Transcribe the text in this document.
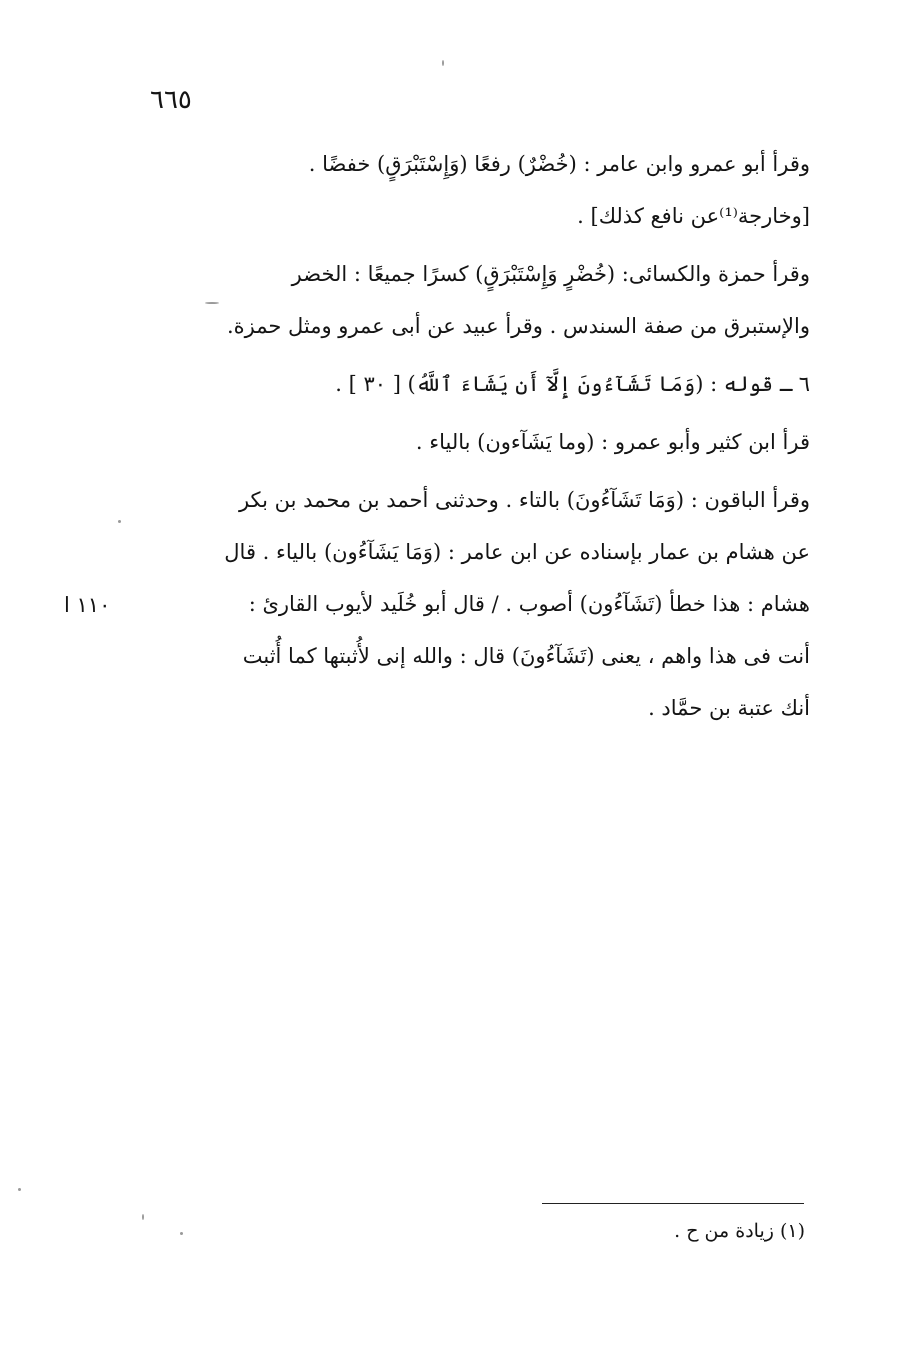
٦٦٥

وقرأ أبو عمرو وابن عامر : (خُضْرٌ) رفعًا (وَإِسْتَبْرَقٍ) خفضًا .
[وخارجة⁽¹⁾عن نافع كذلك] .

وقرأ حمزة والكسائى: (خُضْرٍ وَإِسْتَبْرَقٍ) كسرًا جميعًا : الخضر
والإستبرق من صفة السندس . وقرأ عبيد عن أبى عمرو ومثل حمزة.

٦ ـ قوله : (وَمَا تَشَآءُونَ إِلَّآ أَن يَشَاءَ ٱللَّهُ) [ ٣٠ ] .

قرأ ابن كثير وأبو عمرو : (وما يَشَآءون) بالياء .

وقرأ الباقون : (وَمَا تَشَآءُونَ) بالتاء . وحدثنى أحمد بن محمد بن بكر
عن هشام بن عمار بإسناده عن ابن عامر : (وَمَا يَشَآءُون) بالياء . قال
هشام : هذا خطأ (تَشَآءُون) أصوب . / قال أبو خُلَيد لأيوب القارئ :
أنت فى هذا واهم ، يعنى (تَشَآءُونَ) قال : والله إنى لأُثبتها كما أُثبت
أنك عتبة بن حمَّاد .

١١٠ ا
(١) زيادة من ح .
